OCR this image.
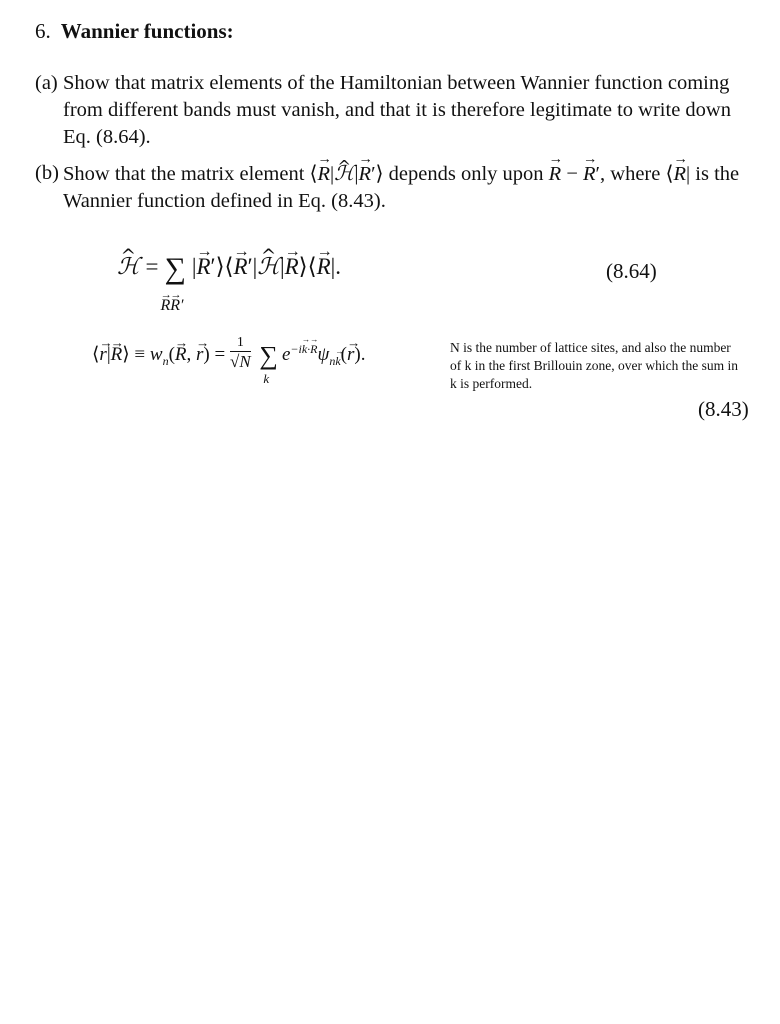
6. Wannier functions:
(a) Show that matrix elements of the Hamiltonian between Wannier function coming from different bands must vanish, and that it is therefore legitimate to write down Eq. (8.64).
(b) Show that the matrix element ⟨→ R|^ ℋ|→ R′⟩ depends only upon → R − → R′, where ⟨→ R| is the Wannier function defined in Eq. (8.43).
^ ℋ = ∑
→ R→ R′
|→ R′⟩⟨→ R′|^ ℋ|→ R⟩⟨→ R|.	(8.64)
⟨→ r|→ R⟩ ≡ $w_n(\to R$, → $r) = \frac{1}{√N}$ ∑
k
$e^{-i\to k\cdot\to R}\psi_{n\to k}(\to r)$.	N is the number of lattice sites, and also the number of k in the first Brillouin zone, over which the sum in k is performed.
(8.43)
